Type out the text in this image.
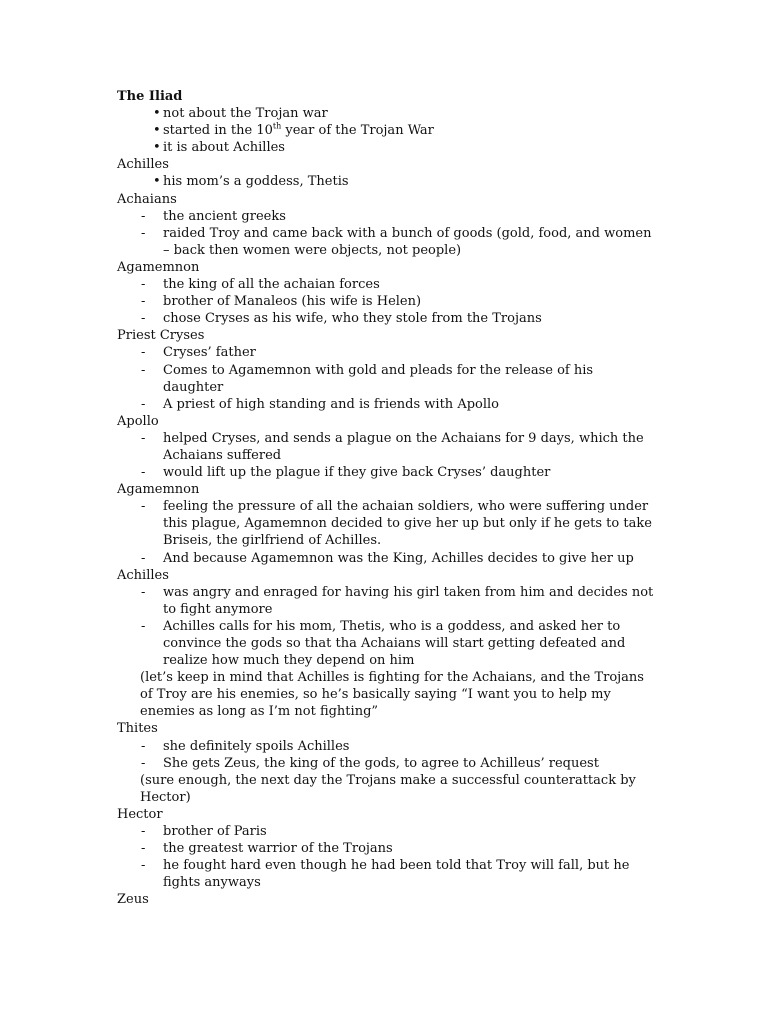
The Iliad
• not about the Trojan war
• started in the 10th year of the Trojan War
• it is about Achilles
Achilles
• his mom’s a goddess, Thetis
Achaians
- the ancient greeks
- raided Troy and came back with a bunch of goods (gold, food, and women
– back then women were objects, not people)
Agamemnon
- the king of all the achaian forces
- brother of Manaleos (his wife is Helen)
- chose Cryses as his wife, who they stole from the Trojans
Priest Cryses
- Cryses’ father
- Comes to Agamemnon with gold and pleads for the release of his
daughter
- A priest of high standing and is friends with Apollo
Apollo
- helped Cryses, and sends a plague on the Achaians for 9 days, which the
Achaians suffered
- would lift up the plague if they give back Cryses’ daughter
Agamemnon
- feeling the pressure of all the achaian soldiers, who were suffering under
this plague, Agamemnon decided to give her up but only if he gets to take
Briseis, the girlfriend of Achilles.
- And because Agamemnon was the King, Achilles decides to give her up
Achilles
- was angry and enraged for having his girl taken from him and decides not
to fight anymore
- Achilles calls for his mom, Thetis, who is a goddess, and asked her to
convince the gods so that tha Achaians will start getting defeated and
realize how much they depend on him
(let’s keep in mind that Achilles is fighting for the Achaians, and the Trojans
of Troy are his enemies, so he’s basically saying “I want you to help my
enemies as long as I’m not fighting”
Thites
- she definitely spoils Achilles
- She gets Zeus, the king of the gods, to agree to Achilleus’ request
(sure enough, the next day the Trojans make a successful counterattack by
Hector)
Hector
- brother of Paris
- the greatest warrior of the Trojans
- he fought hard even though he had been told that Troy will fall, but he
fights anyways
Zeus
